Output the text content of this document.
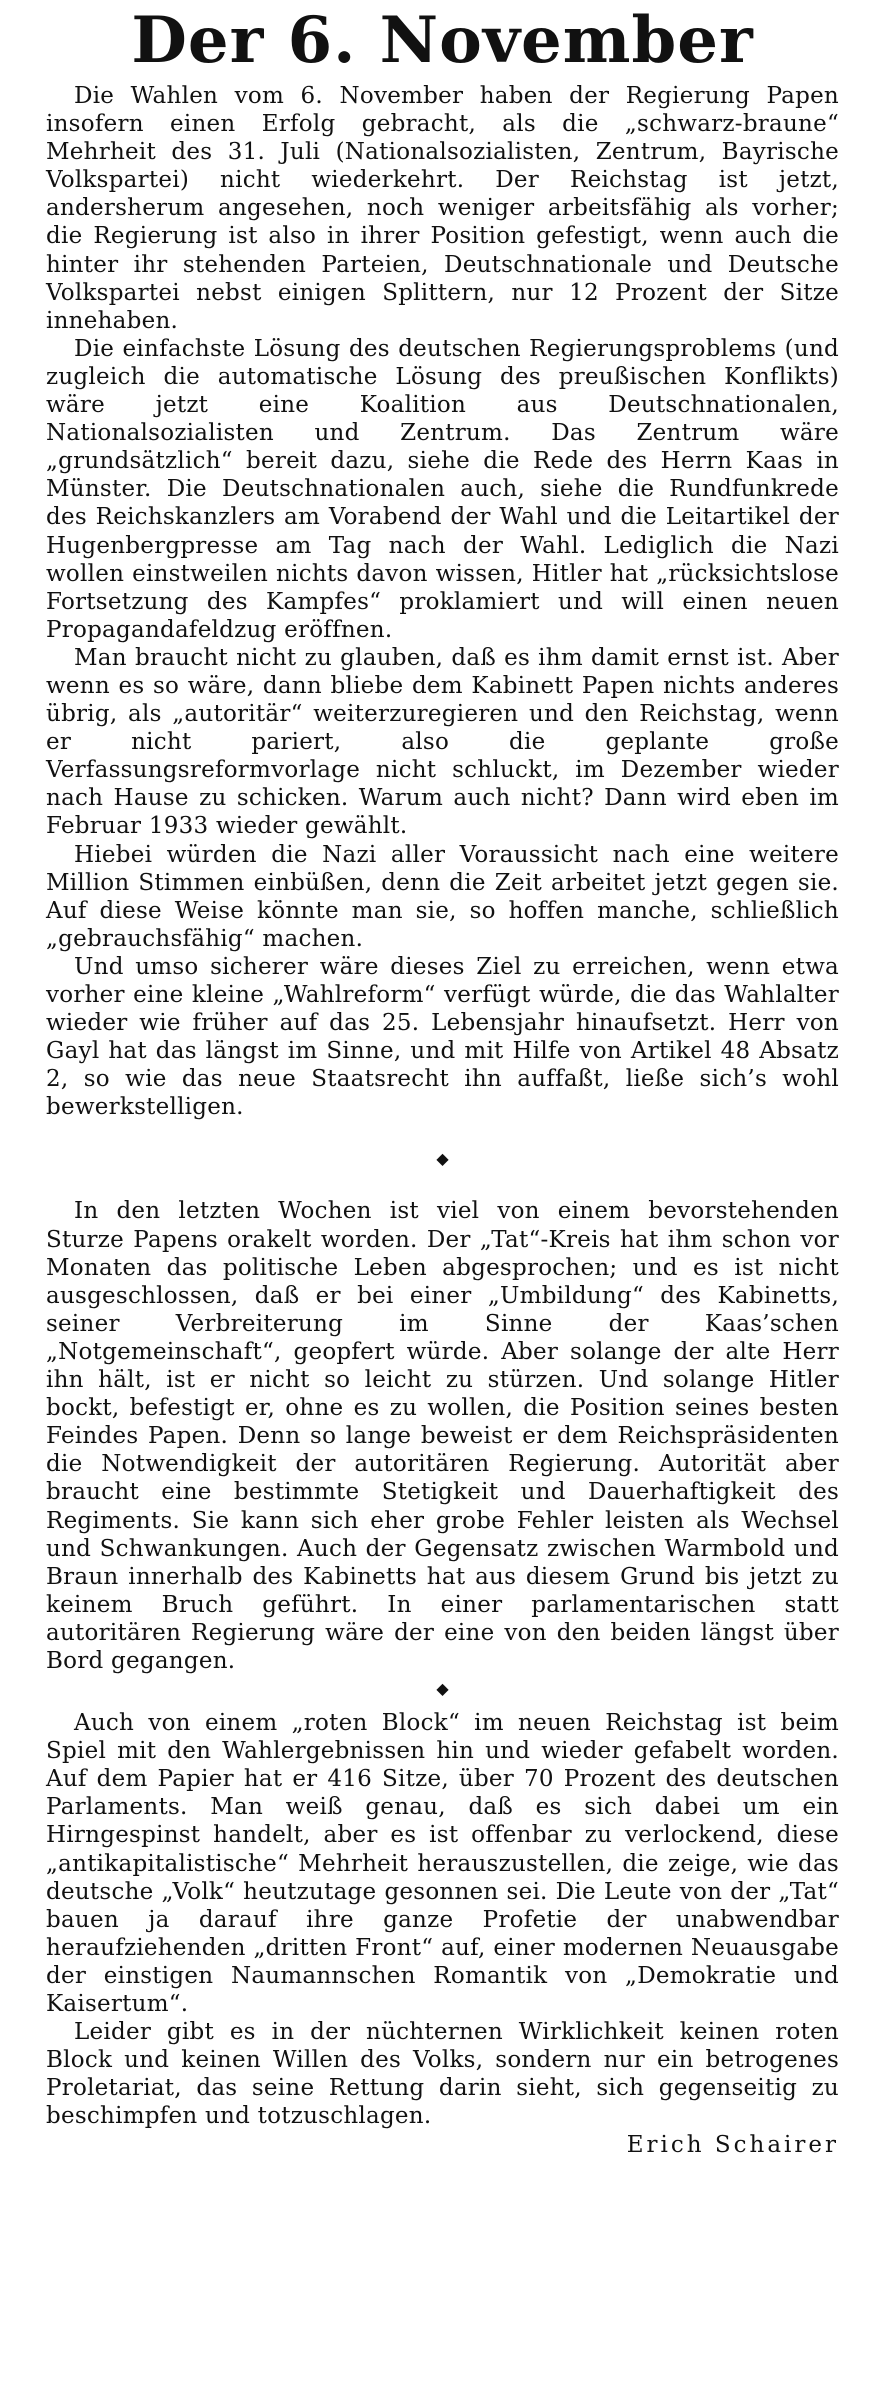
Der 6. November

Die Wahlen vom 6. November haben der Regierung Papen insofern einen Erfolg gebracht, als die „schwarz-braune“ Mehrheit des 31. Juli (Nationalsozialisten, Zentrum, Bayrische Volkspartei) nicht wiederkehrt. Der Reichstag ist jetzt, andersherum angesehen, noch weniger arbeitsfähig als vorher; die Regierung ist also in ihrer Position gefestigt, wenn auch die hinter ihr stehenden Parteien, Deutschnationale und Deutsche Volkspartei nebst einigen Splittern, nur 12 Prozent der Sitze innehaben.

Die einfachste Lösung des deutschen Regierungsproblems (und zugleich die automatische Lösung des preußischen Konflikts) wäre jetzt eine Koalition aus Deutschnationalen, Nationalsozialisten und Zentrum. Das Zentrum wäre „grundsätzlich“ bereit dazu, siehe die Rede des Herrn Kaas in Münster. Die Deutschnationalen auch, siehe die Rundfunkrede des Reichskanzlers am Vorabend der Wahl und die Leitartikel der Hugenbergpresse am Tag nach der Wahl. Lediglich die Nazi wollen einstweilen nichts davon wissen, Hitler hat „rücksichtslose Fortsetzung des Kampfes“ proklamiert und will einen neuen Propagandafeldzug eröffnen.

Man braucht nicht zu glauben, daß es ihm damit ernst ist. Aber wenn es so wäre, dann bliebe dem Kabinett Papen nichts anderes übrig, als „autoritär“ weiterzuregieren und den Reichstag, wenn er nicht pariert, also die geplante große Verfassungsreformvorlage nicht schluckt, im Dezember wieder nach Hause zu schicken. Warum auch nicht? Dann wird eben im Februar 1933 wieder gewählt.

Hiebei würden die Nazi aller Voraussicht nach eine weitere Million Stimmen einbüßen, denn die Zeit arbeitet jetzt gegen sie. Auf diese Weise könnte man sie, so hoffen manche, schließlich „gebrauchsfähig“ machen.

Und umso sicherer wäre dieses Ziel zu erreichen, wenn etwa vorher eine kleine „Wahlreform“ verfügt würde, die das Wahlalter wieder wie früher auf das 25. Lebensjahr hinaufsetzt. Herr von Gayl hat das längst im Sinne, und mit Hilfe von Artikel 48 Absatz 2, so wie das neue Staatsrecht ihn auffaßt, ließe sich’s wohl bewerkstelligen.

◆

In den letzten Wochen ist viel von einem bevorstehenden Sturze Papens orakelt worden. Der „Tat“-Kreis hat ihm schon vor Monaten das politische Leben abgesprochen; und es ist nicht ausgeschlossen, daß er bei einer „Umbildung“ des Kabinetts, seiner Verbreiterung im Sinne der Kaas’schen „Notgemeinschaft“, geopfert würde. Aber solange der alte Herr ihn hält, ist er nicht so leicht zu stürzen. Und solange Hitler bockt, befestigt er, ohne es zu wollen, die Position seines besten Feindes Papen. Denn so lange beweist er dem Reichspräsidenten die Notwendigkeit der autoritären Regierung. Autorität aber braucht eine bestimmte Stetigkeit und Dauerhaftigkeit des Regiments. Sie kann sich eher grobe Fehler leisten als Wechsel und Schwankungen. Auch der Gegensatz zwischen Warmbold und Braun innerhalb des Kabinetts hat aus diesem Grund bis jetzt zu keinem Bruch geführt. In einer parlamentarischen statt autoritären Regierung wäre der eine von den beiden längst über Bord gegangen.

◆

Auch von einem „roten Block“ im neuen Reichstag ist beim Spiel mit den Wahlergebnissen hin und wieder gefabelt worden. Auf dem Papier hat er 416 Sitze, über 70 Prozent des deutschen Parlaments. Man weiß genau, daß es sich dabei um ein Hirngespinst handelt, aber es ist offenbar zu verlockend, diese „antikapitalistische“ Mehrheit herauszustellen, die zeige, wie das deutsche „Volk“ heutzutage gesonnen sei. Die Leute von der „Tat“ bauen ja darauf ihre ganze Profetie der unabwendbar heraufziehenden „dritten Front“ auf, einer modernen Neuausgabe der einstigen Naumannschen Romantik von „Demokratie und Kaisertum“.

Leider gibt es in der nüchternen Wirklichkeit keinen roten Block und keinen Willen des Volks, sondern nur ein betrogenes Proletariat, das seine Rettung darin sieht, sich gegenseitig zu beschimpfen und totzuschlagen.

Erich Schairer
